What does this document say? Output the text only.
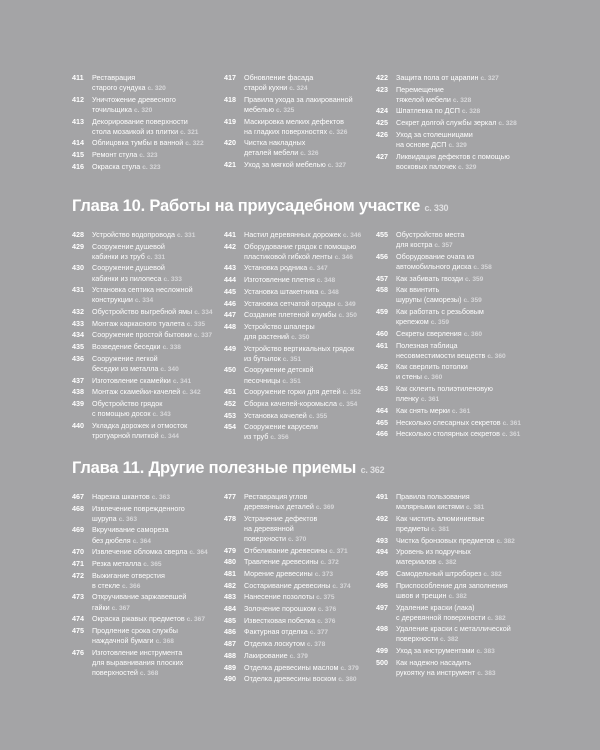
411	Реставрация
старого сундука с. 320
412	Уничтожение древесного
точильщика с. 320
413	Декорирование поверхности
стола мозаикой из плитки с. 321
414	Облицовка тумбы в ванной с. 322
415	Ремонт стула с. 323
416	Окраска стула с. 323
417	Обновление фасада
старой кухни с. 324
418	Правила ухода за лакированной
мебелью с. 325
419	Маскировка мелких дефектов
на гладких поверхностях с. 326
420	Чистка накладных
деталей мебели с. 326
421	Уход за мягкой мебелью с. 327
422	Защита пола от царапин с. 327
423	Перемещение
тяжелой мебели с. 328
424	Шпатлевка по ДСП с. 328
425	Секрет долгой службы зеркал с. 328
426	Уход за столешницами
на основе ДСП с. 329
427	Ликвидация дефектов с помощью
восковых палочек с. 329
Глава 10. Работы на приусадебном участке с. 330
428	Устройство водопровода с. 331
429	Сооружение душевой
кабинки из труб с. 331
430	Сооружение душевой
кабинки из пилопеса с. 333
431	Установка септика несложной
конструкции с. 334
432	Обустройство выгребной ямы с. 334
433	Монтаж каркасного туалета с. 335
434	Сооружение простой бытовки с. 337
435	Возведение беседки с. 338
436	Сооружение легкой
беседки из металла с. 340
437	Изготовление скамейки с. 341
438	Монтаж скамейки-качелей с. 342
439	Обустройство грядок
с помощью досок с. 343
440	Укладка дорожек и отмосток
тротуарной плиткой с. 344
441	Настил деревянных дорожек с. 346
442	Оборудование грядок с помощью
пластиковой гибкой ленты с. 346
443	Установка родника с. 347
444	Изготовление плетня с. 348
445	Установка штакетника с. 348
446	Установка сетчатой ограды с. 349
447	Создание плетеной клумбы с. 350
448	Устройство шпалеры
для растений с. 350
449	Устройство вертикальных грядок
из бутылок с. 351
450	Сооружение детской
песочницы с. 351
451	Сооружение горки для детей с. 352
452	Сборка качелей-коромысла с. 354
453	Установка качелей с. 355
454	Сооружение карусели
из труб с. 356
455	Обустройство места
для костра с. 357
456	Оборудование очага из
автомобильного диска с. 358
457	Как забивать гвозди с. 359
458	Как ввинтить
шурупы (саморезы) с. 359
459	Как работать с резьбовым
крепежом с. 359
460	Секреты сверления с. 360
461	Полезная таблица
несовместимости веществ с. 360
462	Как сверлить потолки
и стены с. 360
463	Как склеить полиэтиленовую
пленку с. 361
464	Как снять мерки с. 361
465	Несколько слесарных секретов с. 361
466	Несколько столярных секретов с. 361
Глава 11. Другие полезные приемы с. 362
467	Нарезка шкантов с. 363
468	Извлечение поврежденного
шурупа с. 363
469	Вкручивание самореза
без дюбеля с. 364
470	Извлечение обломка сверла с. 364
471	Резка металла с. 365
472	Выжигание отверстия
в стекле с. 366
473	Откручивание заржавевшей
гайки с. 367
474	Окраска ржавых предметов с. 367
475	Продление срока службы
наждачной бумаги с. 368
476	Изготовление инструмента
для выравнивания плоских
поверхностей с. 368
477	Реставрация углов
деревянных деталей с. 369
478	Устранение дефектов
на деревянной
поверхности с. 370
479	Отбеливание древесины с. 371
480	Травление древесины с. 372
481	Морение древесины с. 373
482	Состаривание древесины с. 374
483	Нанесение позолоты с. 375
484	Золочение порошком с. 376
485	Известковая побелка с. 376
486	Фактурная отделка с. 377
487	Отделка лоскутом с. 378
488	Лакирование с. 379
489	Отделка древесины маслом с. 379
490	Отделка древесины воском с. 380
491	Правила пользования
малярными кистями с. 381
492	Как чистить алюминиевые
предметы с. 381
493	Чистка бронзовых предметов с. 382
494	Уровень из подручных
материалов с. 382
495	Самодельный штроборез с. 382
496	Приспособление для заполнения
швов и трещин с. 382
497	Удаление краски (лака)
с деревянной поверхности с. 382
498	Удаление краски с металлической
поверхности с. 382
499	Уход за инструментами с. 383
500	Как надежно насадить
рукоятку на инструмент с. 383
